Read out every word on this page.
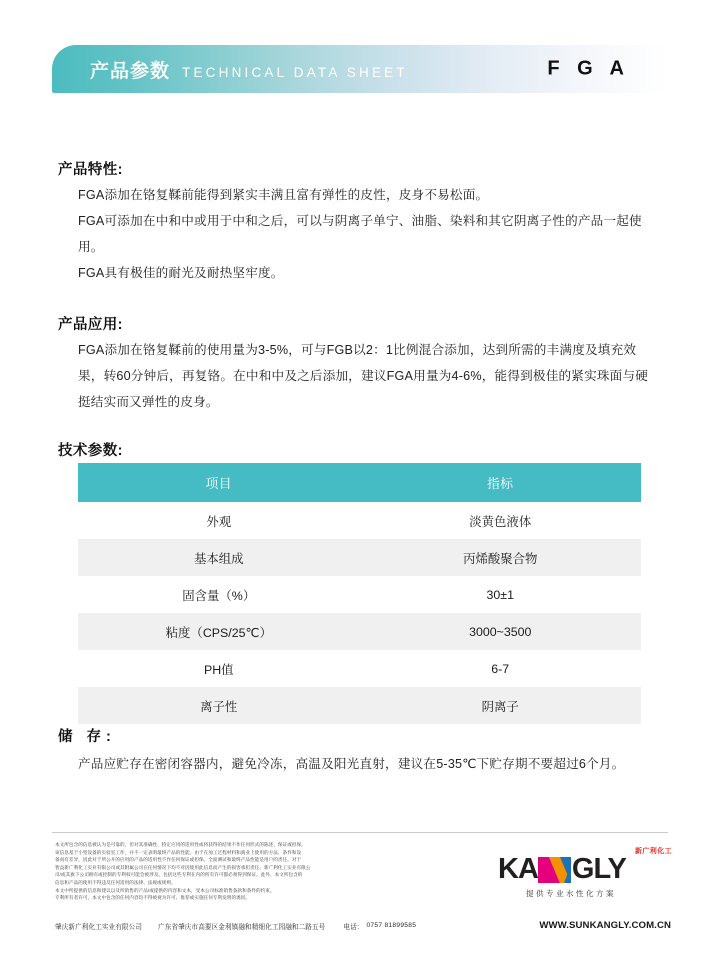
产品参数 TECHNICAL DATA SHEET	F G A
产品特性:

FGA添加在铬复鞣前能得到紧实丰满且富有弹性的皮性，皮身不易松面。

FGA可添加在中和中或用于中和之后，可以与阴离子单宁、油脂、染料和其它阴离子性的产品一起使用。

FGA具有极佳的耐光及耐热坚牢度。

产品应用:

FGA添加在铬复鞣前的使用量为3-5%，可与FGB以2：1比例混合添加，达到所需的丰满度及填充效果，转60分钟后，再复铬。在中和中及之后添加，建议FGA用量为4-6%，能得到极佳的紧实珠面与硬挺结实而又弹性的皮身。

技术参数:
项目	指标
外观	淡黄色液体
基本组成	丙烯酸聚合物
固含量（%）	30±1
粘度（CPS/25℃）	3000~3500
PH值	6-7
离子性	阴离子
储 存:

产品应贮存在密闭容器内，避免冷冻，高温及阳光直射，建议在5-35℃下贮存期不要超过6个月。

本文所包含的信息被认为是可靠的，但对其准确性、特定应用的适用性或将获得的结果不作任何形式的陈述、保证或担保。

该信息基于小型设备的实验室工作，并不一定表明最终产品的性能。由于在加工过程材料和商业上使用的方法、条件和设

备而有差异，因此对于所公开的应用的产品的适用性不作任何保证或担保。全面测试和最终产品性能是用户的责任。对于

智益新广利化工实业有限公司或其附属公司在任何情况下均不对因使用此信息而产生的损害承担责任。新广利化工实业有限公

司/或其旗下公司拥有或控制的专利权可能会被涉及。包括这些专利在内的所有许可都必须得到保证。此外，本文所包含的

信息和产品的使用不得违反任何适用的法律、法规或规则。

本文中所提供的信息和建议以及所销售的产品/或提供的内容和文本，受本公司标准销售条款和条件的约束。

专利所有者许可，本文中包含的任何内容均不得被视为许可、推荐或实施任何专利发明的诱因。

新广利化工
KA GLY
提供专业水性化方案
肇庆新广利化工实业有限公司 广东省肇庆市高要区金利镇融和精细化工园融和二路五号	电话： 0757 81899585	WWW.SUNKANGLY.COM.CN
